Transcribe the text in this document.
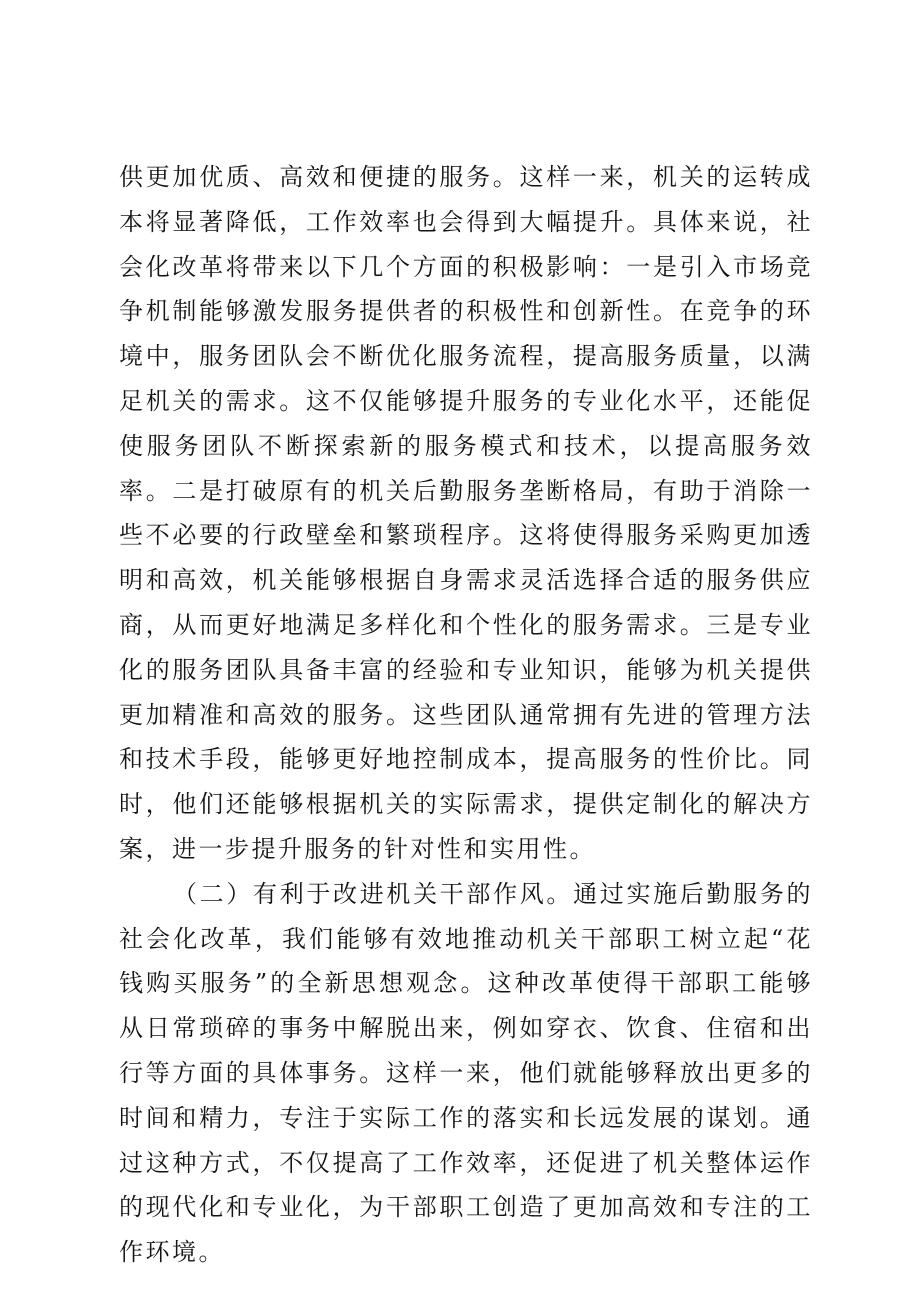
供更加优质、高效和便捷的服务。这样一来，机关的运转成本将显著降低，工作效率也会得到大幅提升。具体来说，社会化改革将带来以下几个方面的积极影响：一是引入市场竞争机制能够激发服务提供者的积极性和创新性。在竞争的环境中，服务团队会不断优化服务流程，提高服务质量，以满足机关的需求。这不仅能够提升服务的专业化水平，还能促使服务团队不断探索新的服务模式和技术，以提高服务效率。二是打破原有的机关后勤服务垄断格局，有助于消除一些不必要的行政壁垒和繁琐程序。这将使得服务采购更加透明和高效，机关能够根据自身需求灵活选择合适的服务供应商，从而更好地满足多样化和个性化的服务需求。三是专业化的服务团队具备丰富的经验和专业知识，能够为机关提供更加精准和高效的服务。这些团队通常拥有先进的管理方法和技术手段，能够更好地控制成本，提高服务的性价比。同时，他们还能够根据机关的实际需求，提供定制化的解决方案，进一步提升服务的针对性和实用性。

（二）有利于改进机关干部作风。通过实施后勤服务的社会化改革，我们能够有效地推动机关干部职工树立起“花钱购买服务”的全新思想观念。这种改革使得干部职工能够从日常琐碎的事务中解脱出来，例如穿衣、饮食、住宿和出行等方面的具体事务。这样一来，他们就能够释放出更多的时间和精力，专注于实际工作的落实和长远发展的谋划。通过这种方式，不仅提高了工作效率，还促进了机关整体运作的现代化和专业化，为干部职工创造了更加高效和专注的工作环境。
